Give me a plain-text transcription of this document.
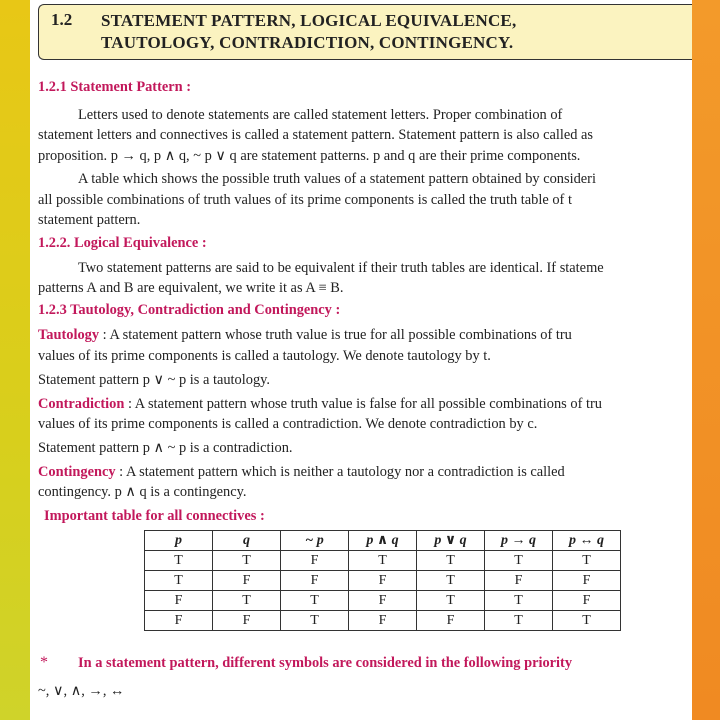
1.2 STATEMENT PATTERN, LOGICAL EQUIVALENCE,
TAUTOLOGY, CONTRADICTION, CONTINGENCY.
1.2.1 Statement Pattern :
Letters used to denote statements are called statement letters. Proper combination of
statement letters and connectives is called a statement pattern. Statement pattern is also called as
proposition. p → q, p ∧ q, ~ p ∨ q are statement patterns. p and q are their prime components.
A table which shows the possible truth values of a statement pattern obtained by consideri
all possible combinations of truth values of its prime components is called the truth table of t
statement pattern.
1.2.2. Logical Equivalence :
Two statement patterns are said to be equivalent if their truth tables are identical. If stateme
patterns A and B are equivalent, we write it as A ≡ B.
1.2.3 Tautology, Contradiction and Contingency :
Tautology : A statement pattern whose truth value is true for all possible combinations of tru
values of its prime components is called a tautology. We denote tautology by t.
Statement pattern p ∨ ~ p is a tautology.
Contradiction : A statement pattern whose truth value is false for all possible combinations of tru
values of its prime components is called a contradiction. We denote contradiction by c.
Statement pattern p ∧ ~ p is a contradiction.
Contingency : A statement pattern which is neither a tautology nor a contradiction is called
contingency. p ∧ q is a contingency.
Important table for all connectives :
p	q	~ p	p ∧ q	p ∨ q	p → q	p ↔ q
T	T	F	T	T	T	T
T	F	F	F	T	F	F
F	T	T	F	T	T	F
F	F	T	F	F	T	T
* In a statement pattern, different symbols are considered in the following priority
~, ∨, ∧, →, ↔
